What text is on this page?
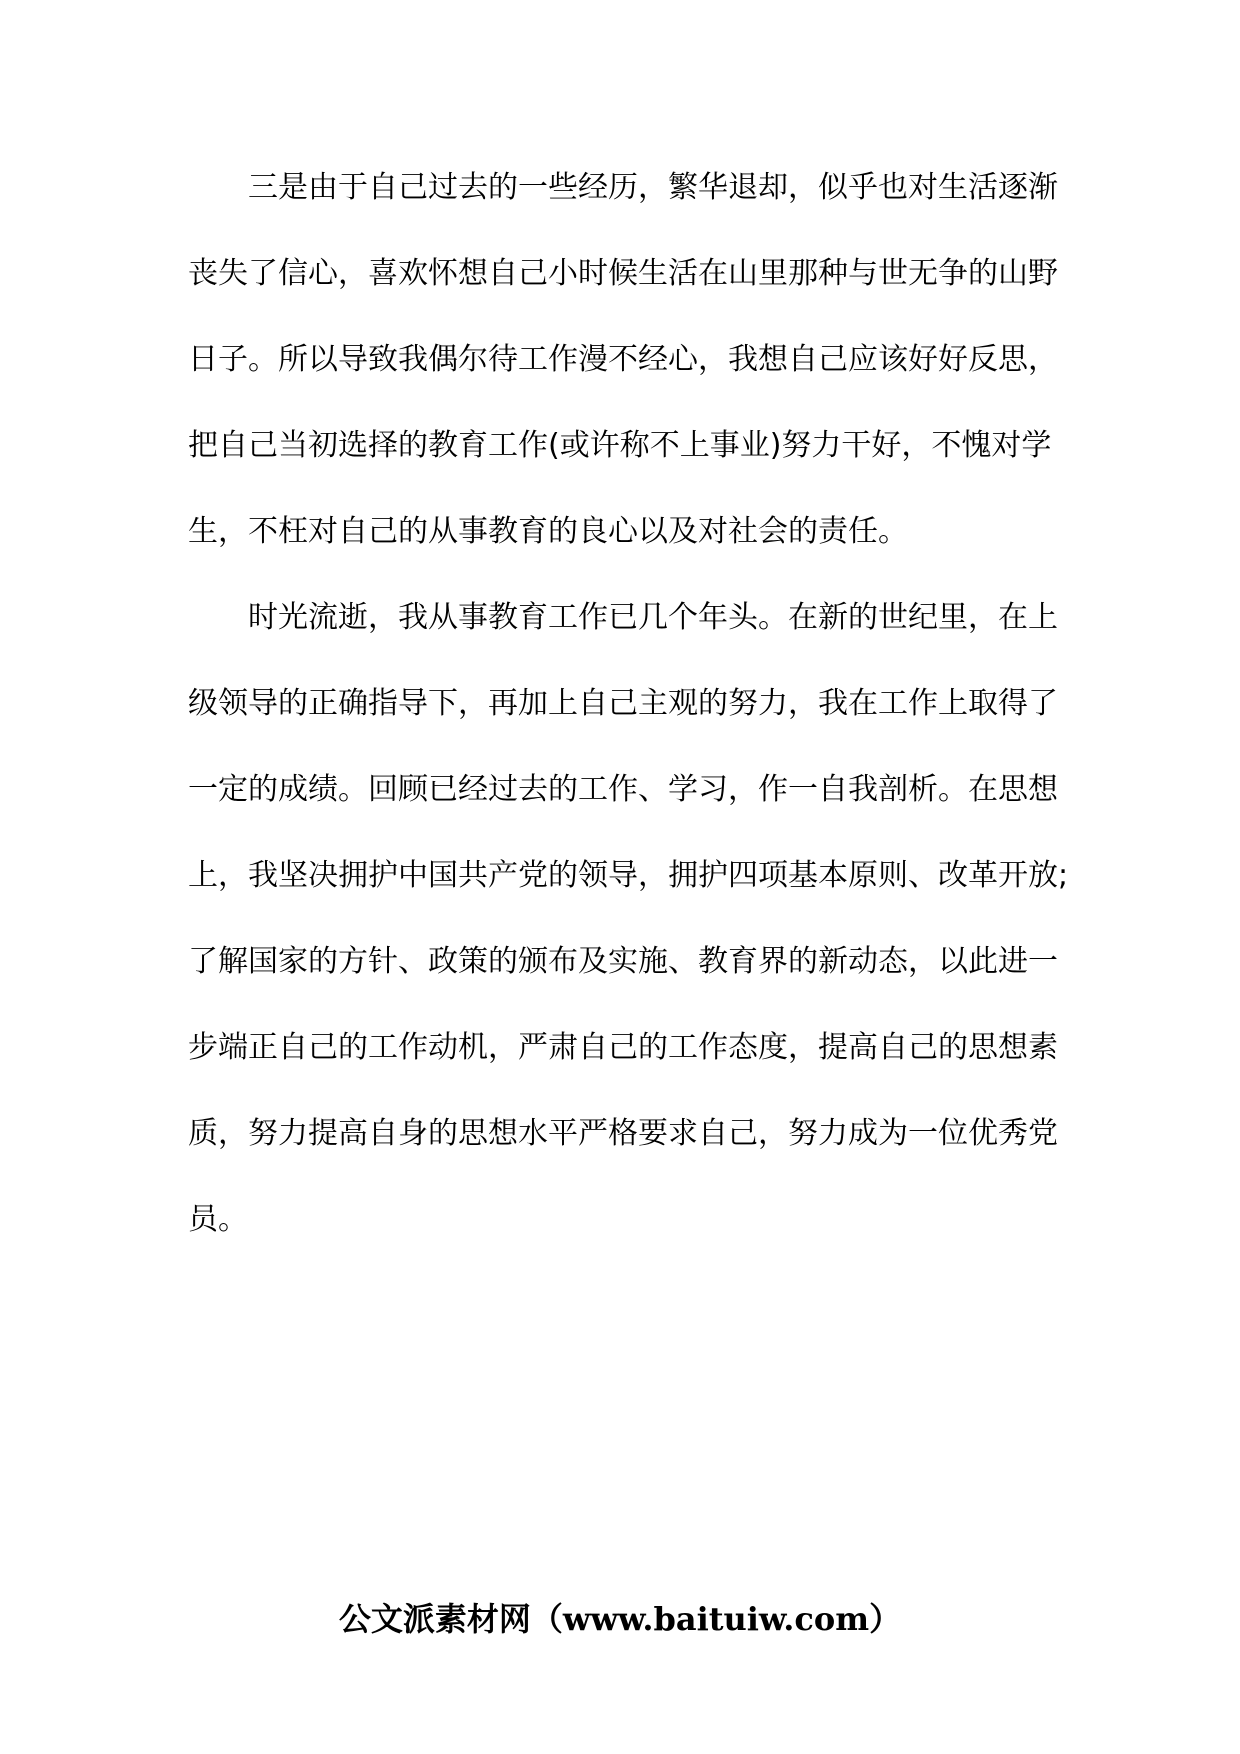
三是由于自己过去的一些经历，繁华退却，似乎也对生活逐渐
丧失了信心，喜欢怀想自己小时候生活在山里那种与世无争的山野
日子。所以导致我偶尔待工作漫不经心，我想自己应该好好反思，
把自己当初选择的教育工作(或许称不上事业)努力干好，不愧对学
生，不枉对自己的从事教育的良心以及对社会的责任。
时光流逝，我从事教育工作已几个年头。在新的世纪里，在上
级领导的正确指导下，再加上自己主观的努力，我在工作上取得了
一定的成绩。回顾已经过去的工作、学习，作一自我剖析。在思想
上，我坚决拥护中国共产党的领导，拥护四项基本原则、改革开放;
了解国家的方针、政策的颁布及实施、教育界的新动态，以此进一
步端正自己的工作动机，严肃自己的工作态度，提高自己的思想素
质，努力提高自身的思想水平严格要求自己，努力成为一位优秀党
员。
公文派素材网（www.baituiw.com）
